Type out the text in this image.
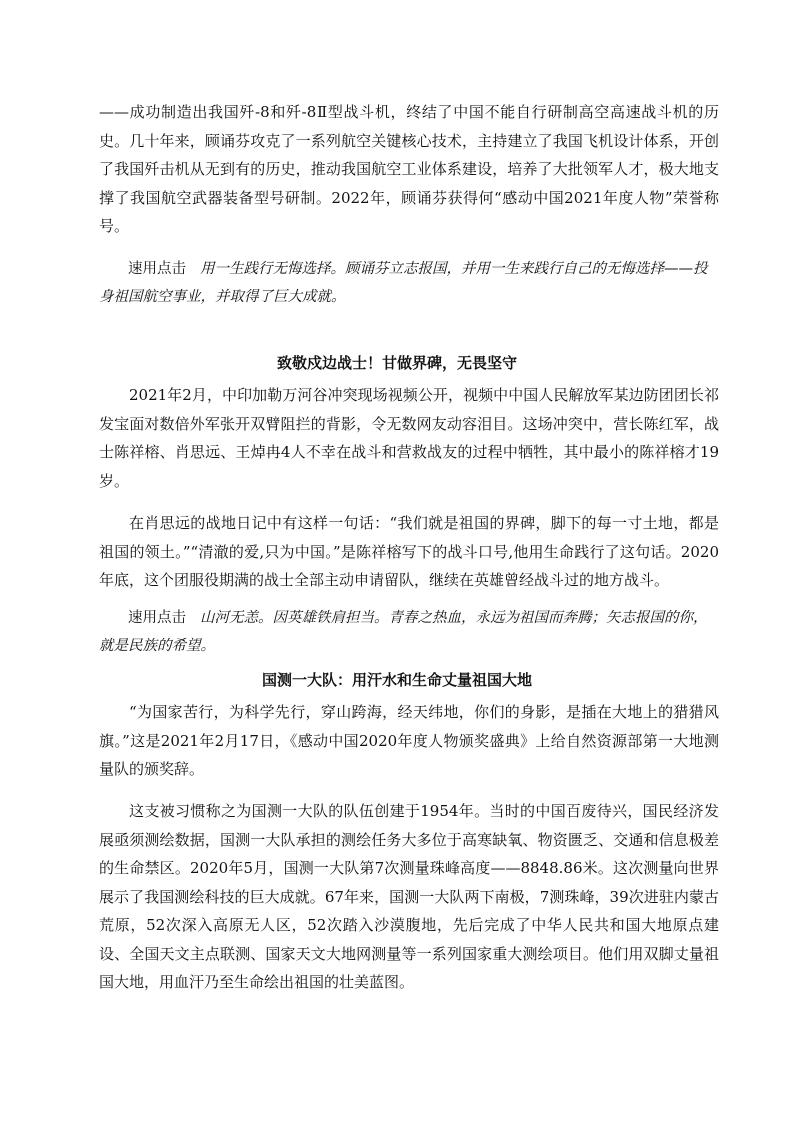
——成功制造出我国歼-8和歼-8Ⅱ型战斗机，终结了中国不能自行研制高空高速战斗机的历史。几十年来，顾诵芬攻克了一系列航空关键核心技术，主持建立了我国飞机设计体系，开创了我国歼击机从无到有的历史，推动我国航空工业体系建设，培养了大批领军人才，极大地支撑了我国航空武器装备型号研制。2022年，顾诵芬获得何“感动中国2021年度人物”荣誉称号。

速用点击 用一生践行无悔选择。顾诵芬立志报国，并用一生来践行自己的无悔选择——投身祖国航空事业，并取得了巨大成就。
致敬戍边战士！甘做界碑，无畏坚守

2021年2月，中印加勒万河谷冲突现场视频公开，视频中中国人民解放军某边防团团长祁发宝面对数倍外军张开双臂阻拦的背影，令无数网友动容泪目。这场冲突中，营长陈红军，战士陈祥榕、肖思远、王焯冉4人不幸在战斗和营救战友的过程中牺牲，其中最小的陈祥榕才19岁。

在肖思远的战地日记中有这样一句话：“我们就是祖国的界碑，脚下的每一寸土地，都是祖国的领土。”“清澈的爱,只为中国。”是陈祥榕写下的战斗口号,他用生命践行了这句话。2020年底，这个团服役期满的战士全部主动申请留队，继续在英雄曾经战斗过的地方战斗。

速用点击 山河无恙。因英雄铁肩担当。青春之热血，永远为祖国而奔腾；矢志报国的你，就是民族的希望。
国测一大队：用汗水和生命丈量祖国大地

“为国家苦行，为科学先行，穿山跨海，经天纬地，你们的身影，是插在大地上的猎猎风旗。”这是2021年2月17日，《感动中国2020年度人物颁奖盛典》上给自然资源部第一大地测量队的颁奖辞。

这支被习惯称之为国测一大队的队伍创建于1954年。当时的中国百废待兴，国民经济发展亟须测绘数据，国测一大队承担的测绘任务大多位于高寒缺氧、物资匮乏、交通和信息极差的生命禁区。2020年5月，国测一大队第7次测量珠峰高度——8848.86米。这次测量向世界展示了我国测绘科技的巨大成就。67年来，国测一大队两下南极，7测珠峰，39次进驻内蒙古荒原，52次深入高原无人区，52次踏入沙漠腹地，先后完成了中华人民共和国大地原点建设、全国天文主点联测、国家天文大地网测量等一系列国家重大测绘项目。他们用双脚丈量祖国大地，用血汗乃至生命绘出祖国的壮美蓝图。
